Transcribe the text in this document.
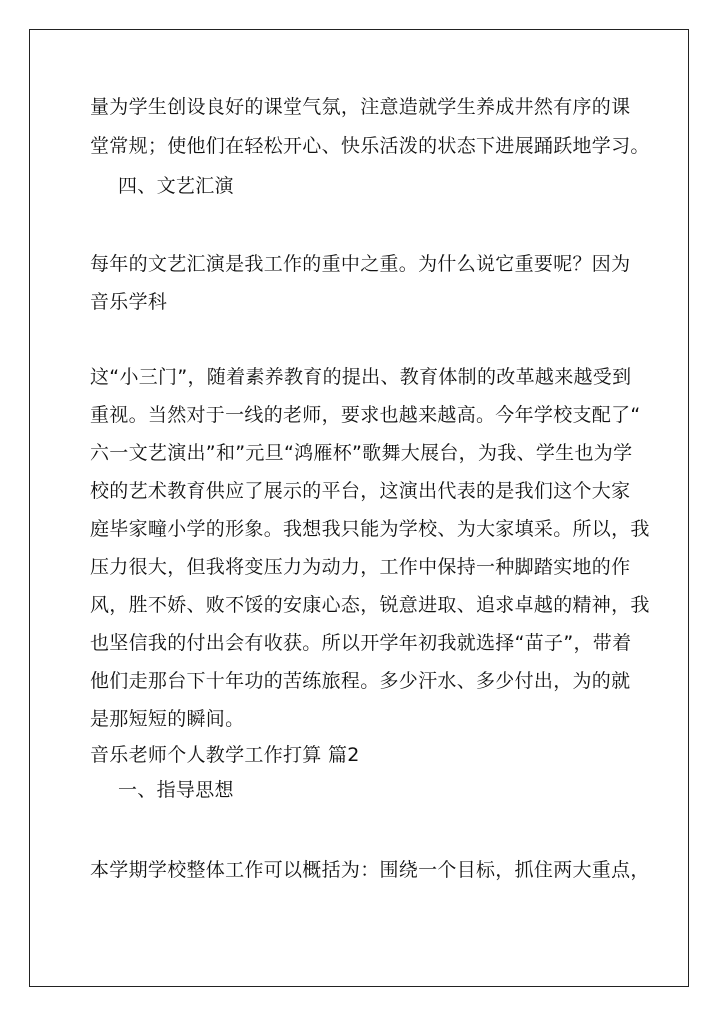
量为学生创设良好的课堂气氛，注意造就学生养成井然有序的课
堂常规；使他们在轻松开心、快乐活泼的状态下进展踊跃地学习。
四、文艺汇演
每年的文艺汇演是我工作的重中之重。为什么说它重要呢？因为
音乐学科
这“小三门”，随着素养教育的提出、教育体制的改革越来越受到
重视。当然对于一线的老师，要求也越来越高。今年学校支配了“
六一文艺演出”和”元旦“鸿雁杯”歌舞大展台，为我、学生也为学
校的艺术教育供应了展示的平台，这演出代表的是我们这个大家
庭毕家疃小学的形象。我想我只能为学校、为大家填采。所以，我
压力很大，但我将变压力为动力，工作中保持一种脚踏实地的作
风，胜不娇、败不馁的安康心态，锐意进取、追求卓越的精神，我
也坚信我的付出会有收获。所以开学年初我就选择“苗子”，带着
他们走那台下十年功的苦练旅程。多少汗水、多少付出，为的就
是那短短的瞬间。
音乐老师个人教学工作打算 篇2
一、指导思想
本学期学校整体工作可以概括为：围绕一个目标，抓住两大重点，
